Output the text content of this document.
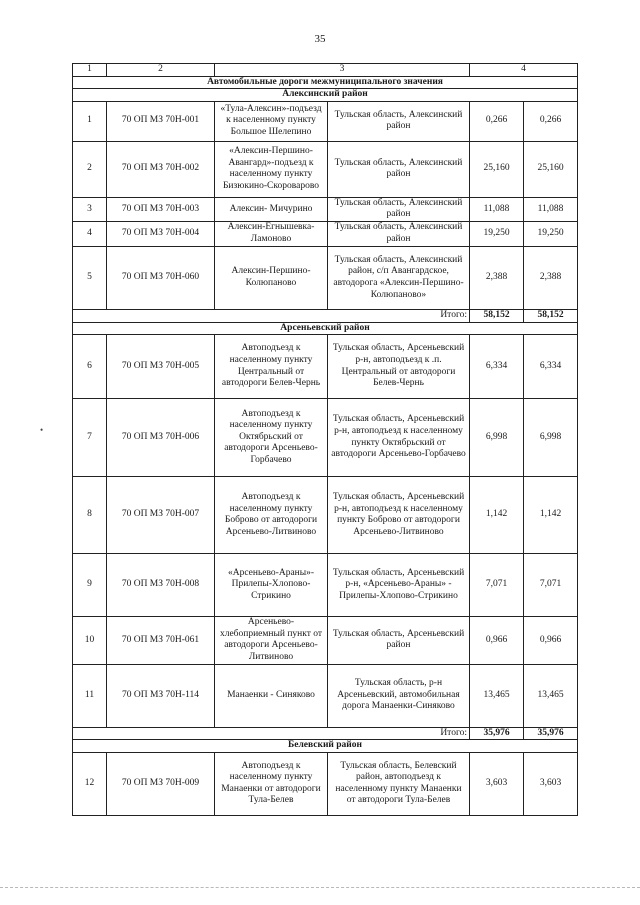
35
•
1	2	3		4	
Автомобильные дороги межмуниципального значения					
Алексинский район					
1	70 ОП МЗ 70Н-001	«Тула-Алексин»-подъезд к населенному пункту Большое Шелепино	Тульская область, Алексинский район	0,266	0,266
2	70 ОП МЗ 70Н-002	«Алексин-Першино-Авангард»-подъезд к населенному пункту Бизюкино-Скороварово	Тульская область, Алексинский район	25,160	25,160
3	70 ОП МЗ 70Н-003	Алексин- Мичурино	Тульская область, Алексинский район	11,088	11,088
4	70 ОП МЗ 70Н-004	Алексин-Егнышевка-Ламоново	Тульская область, Алексинский район	19,250	19,250
5	70 ОП МЗ 70Н-060	Алексин-Першино-Колюпаново	Тульская область, Алексинский район, с/п Авангардское, автодорога «Алексин-Першино-Колюпаново»	2,388	2,388
Итого:				58,152	58,152
Арсеньевский район					
6	70 ОП МЗ 70Н-005	Автоподъезд к населенному пункту Центральный от автодороги Белев-Чернь	Тульская область, Арсеньевский р-н, автоподъезд к .п. Центральный от автодороги Белев-Чернь	6,334	6,334
7	70 ОП МЗ 70Н-006	Автоподъезд к населенному пункту Октябрьский от автодороги Арсеньево-Горбачево	Тульская область, Арсеньевский р-н, автоподъезд к населенному пункту Октябрьский от автодороги Арсеньево-Горбачево	6,998	6,998
8	70 ОП МЗ 70Н-007	Автоподъезд к населенному пункту Боброво от автодороги Арсеньево-Литвиново	Тульская область, Арсеньевский р-н, автоподъезд к населенному пункту Боброво от автодороги Арсеньево-Литвиново	1,142	1,142
9	70 ОП МЗ 70Н-008	«Арсеньево-Араны»-Прилепы-Хлопово-Стрикино	Тульская область, Арсеньевский р-н, «Арсеньево-Араны» - Прилепы-Хлопово-Стрикино	7,071	7,071
10	70 ОП МЗ 70Н-061	Арсеньево-хлебоприемный пункт от автодороги Арсеньево-Литвиново	Тульская область, Арсеньевский район	0,966	0,966
11	70 ОП МЗ 70Н-114	Манаенки - Синяково	Тульская область, р-н Арсеньевский, автомобильная дорога Манаенки-Синяково	13,465	13,465
Итого:				35,976	35,976
Белевский район					
12	70 ОП МЗ 70Н-009	Автоподъезд к населенному пункту Манаенки от автодороги Тула-Белев	Тульская область, Белевский район, автоподъезд к населенному пункту Манаенки от автодороги Тула-Белев	3,603	3,603
